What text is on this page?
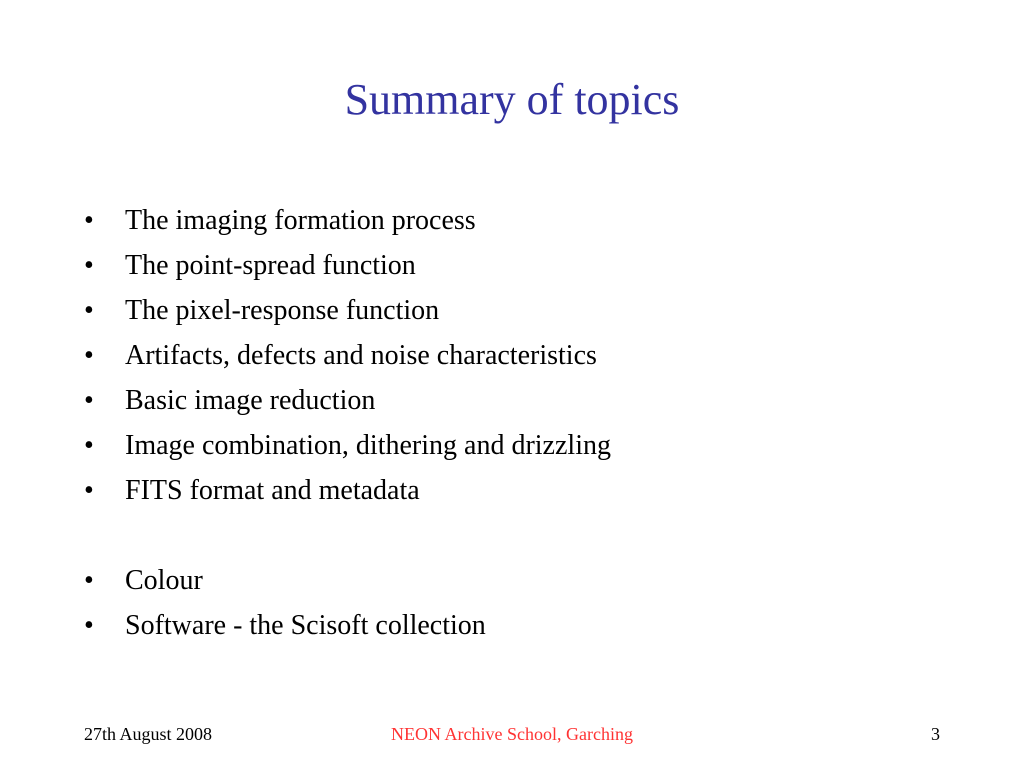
Summary of topics
•	The imaging formation process
•	The point-spread function
•	The pixel-response function
•	Artifacts, defects and noise characteristics
•	Basic image reduction
•	Image combination, dithering and drizzling
•	FITS format and metadata
•	Colour
•	Software - the Scisoft collection
27th August 2008	NEON Archive School, Garching	3
